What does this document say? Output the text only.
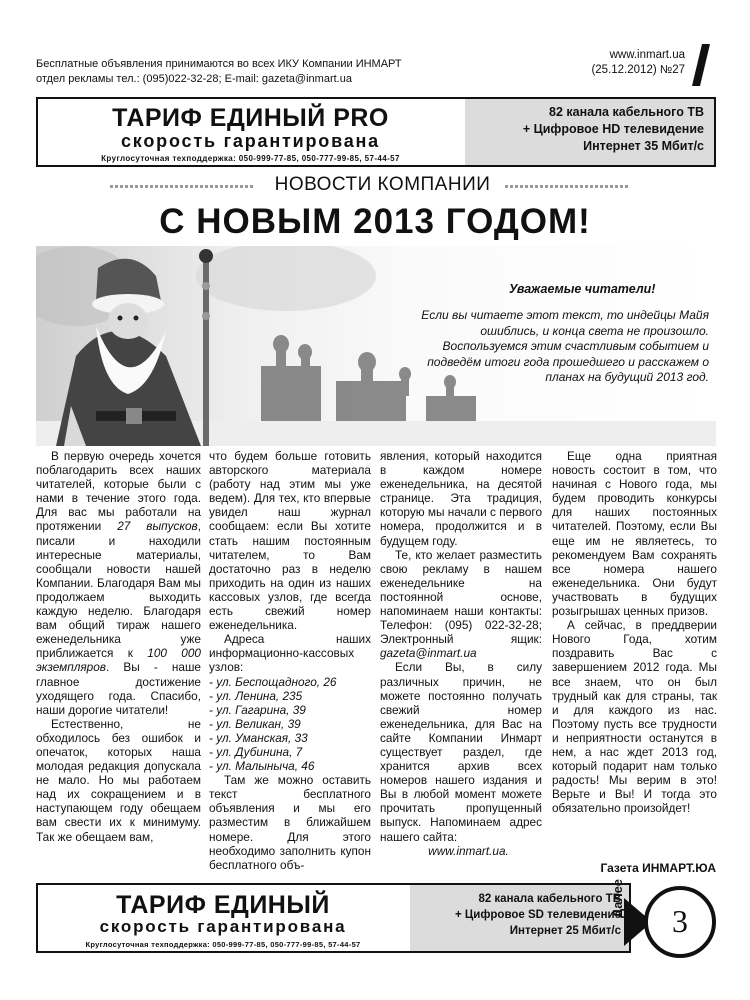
Бесплатные объявления принимаются во всех ИКУ Компании ИНМАРТ
отдел рекламы тел.: (095)022-32-28; E-mail: gazeta@inmart.ua
www.inmart.ua
(25.12.2012) №27
ТАРИФ ЕДИНЫЙ PRO
скорость гарантирована
Круглосуточная техподдержка: 050-999-77-85, 050-777-99-85, 57-44-57
82 канала кабельного ТВ
+ Цифровое HD телевидение
Интернет 35 Мбит/с
НОВОСТИ КОМПАНИИ
С НОВЫМ 2013 ГОДОМ!
Уважаемые читатели!
Если вы читаете этот текст, то индейцы Майя ошиблись, и конца света не произошло. Воспользуемся этим счастливым событием и подведём итоги года прошедшего и расскажем о планах на будущий 2013 год.

В первую очередь хочется поблагодарить всех наших читателей, которые были с нами в течение этого года. Для вас мы работали на протяжении 27 выпусков, писали и находили интересные материалы, сообщали новости нашей Компании. Благодаря Вам мы продолжаем выходить каждую неделю. Благодаря вам общий тираж нашего еженедельника уже приближается к 100 000 экземпляров. Вы - наше главное достижение уходящего года. Спасибо, наши дорогие читатели!

Естественно, не обходилось без ошибок и опечаток, которых наша молодая редакция допускала не мало. Но мы работаем над их сокращением и в наступающем году обещаем вам свести их к минимуму. Так же обещаем вам,

что будем больше готовить авторского материала (работу над этим мы уже ведем). Для тех, кто впервые увидел наш журнал сообщаем: если Вы хотите стать нашим постоянным читателем, то Вам достаточно раз в неделю приходить на один из наших кассовых узлов, где всегда есть свежий номер еженедельника.

Адреса наших информационно-кассовых узлов:

- ул. Беспощадного, 26
- ул. Ленина, 235
- ул. Гагарина, 39
- ул. Великан, 39
- ул. Уманская, 33
- ул. Дубинина, 7
- ул. Малыныча, 46

Там же можно оставить текст бесплатного объявления и мы его разместим в ближайшем номере. Для этого необходимо заполнить купон бесплатного объ-

явления, который находится в каждом номере еженедельника, на десятой странице. Эта традиция, которую мы начали с первого номера, продолжится и в будущем году.

Те, кто желает разместить свою рекламу в нашем еженедельнике на постоянной основе, напоминаем наши контакты: Телефон: (095) 022-32-28; Электронный ящик: gazeta@inmart.ua

Если Вы, в силу различных причин, не можете постоянно получать свежий номер еженедельника, для Вас на сайте Компании Инмарт существует раздел, где хранится архив всех номеров нашего издания и Вы в любой момент можете прочитать пропущенный выпуск. Напоминаем адрес нашего сайта:

www.inmart.ua.

Еще одна приятная новость состоит в том, что начиная с Нового года, мы будем проводить конкурсы для наших постоянных читателей. Поэтому, если Вы еще им не являетесь, то рекомендуем Вам сохранять все номера нашего еженедельника. Они будут участвовать в будущих розыгрышах ценных призов.

А сейчас, в преддверии Нового Года, хотим поздравить Вас с завершением 2012 года. Мы все знаем, что он был трудный как для страны, так и для каждого из нас. Поэтому пусть все трудности и неприятности останутся в нем, а нас ждет 2013 год, который подарит нам только радость! Мы верим в это! Верьте и Вы! И тогда это обязательно произойдет!

Газета ИНМАРТ.ЮА
ТАРИФ ЕДИНЫЙ
скорость гарантирована
Круглосуточная техподдержка: 050-999-77-85, 050-777-99-85, 57-44-57
82 канала кабельного ТВ
+ Цифровое SD телевидение
Интернет 25 Мбит/с
Далее
3
